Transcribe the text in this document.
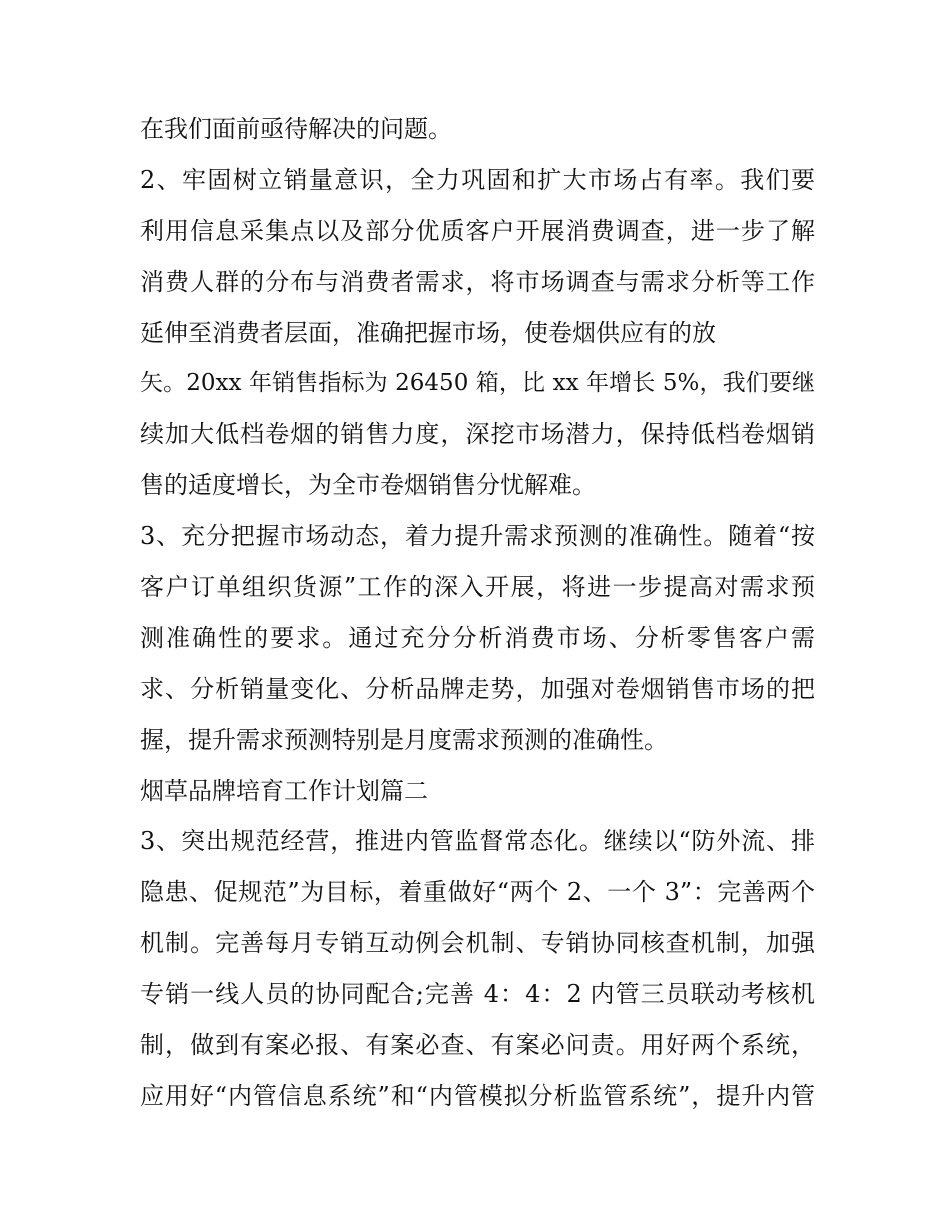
在我们面前亟待解决的问题。
2、牢固树立销量意识，全力巩固和扩大市场占有率。我们要
利用信息采集点以及部分优质客户开展消费调查，进一步了解
消费人群的分布与消费者需求，将市场调查与需求分析等工作
延伸至消费者层面，准确把握市场，使卷烟供应有的放
矢。20xx 年销售指标为 26450 箱，比 xx 年增长 5%，我们要继
续加大低档卷烟的销售力度，深挖市场潜力，保持低档卷烟销
售的适度增长，为全市卷烟销售分忧解难。
3、充分把握市场动态，着力提升需求预测的准确性。随着“按
客户订单组织货源”工作的深入开展，将进一步提高对需求预
测准确性的要求。通过充分分析消费市场、分析零售客户需
求、分析销量变化、分析品牌走势，加强对卷烟销售市场的把
握，提升需求预测特别是月度需求预测的准确性。
烟草品牌培育工作计划篇二
3、突出规范经营，推进内管监督常态化。继续以“防外流、排
隐患、促规范”为目标，着重做好“两个 2、一个 3”：完善两个
机制。完善每月专销互动例会机制、专销协同核查机制，加强
专销一线人员的协同配合;完善 4：4：2 内管三员联动考核机
制，做到有案必报、有案必查、有案必问责。用好两个系统，
应用好“内管信息系统”和“内管模拟分析监管系统”，提升内管
